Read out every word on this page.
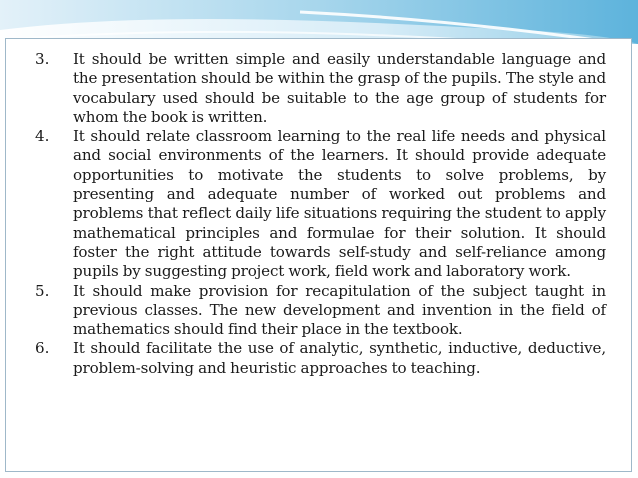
3.	It should be written simple and easily understandable language and the presentation should be within the grasp of the pupils. The style and vocabulary used should be suitable to the age group of students for whom the book is written.
4.	It should relate classroom learning to the real life needs and physical and social environments of the learners. It should provide adequate opportunities to motivate the students to solve problems, by presenting and adequate number of worked out problems and problems that reflect daily life situations requiring the student to apply mathematical principles and formulae for their solution. It should foster the right attitude towards self-study and self-reliance among pupils by suggesting project work, field work and laboratory work.
5.	It should make provision for recapitulation of the subject taught in previous classes. The new development and invention in the field of mathematics should find their place in the textbook.
6.	It should facilitate the use of analytic, synthetic, inductive, deductive, problem-solving and heuristic approaches to teaching.
